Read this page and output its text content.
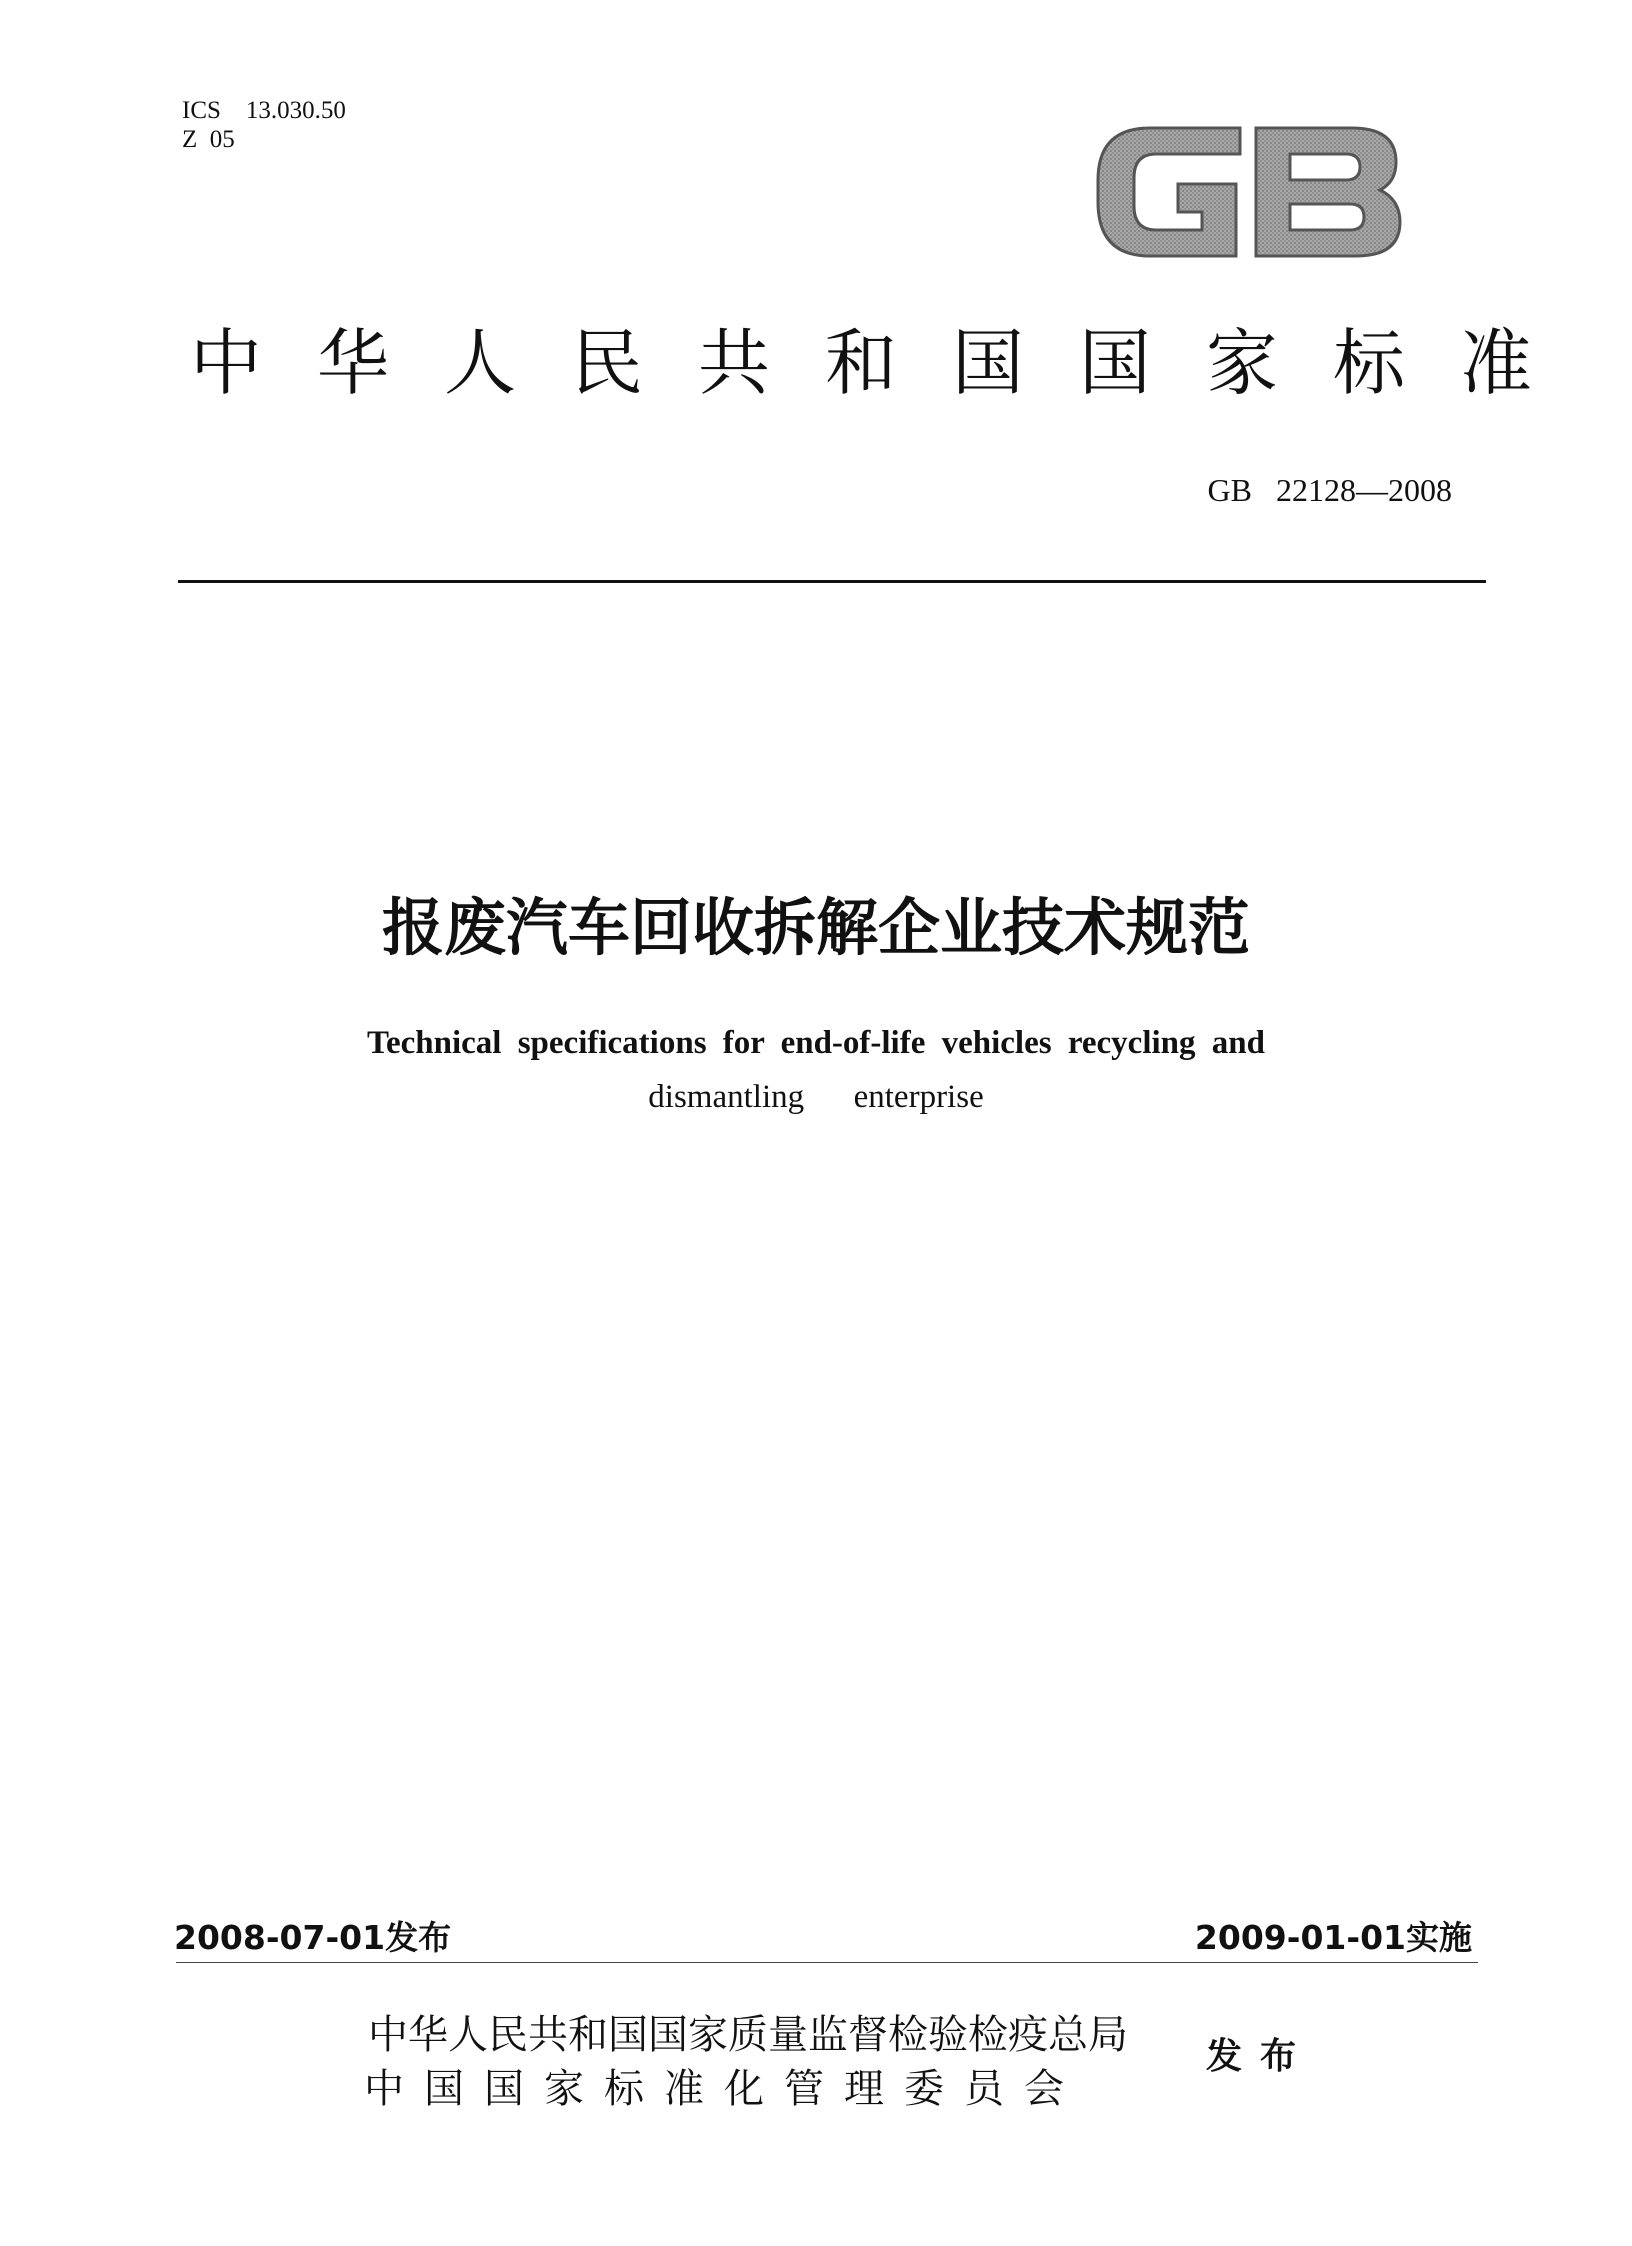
ICS    13.030.50
Z  05
中华人民共和国国家标准
GB   22128—2008
报废汽车回收拆解企业技术规范
Technical specifications for end-of-life vehicles recycling and
dismantling      enterprise
2008-07-01发布	2009-01-01实施
中华人民共和国国家质量监督检验检疫总局
中国国家标准化管理委员会
发布
